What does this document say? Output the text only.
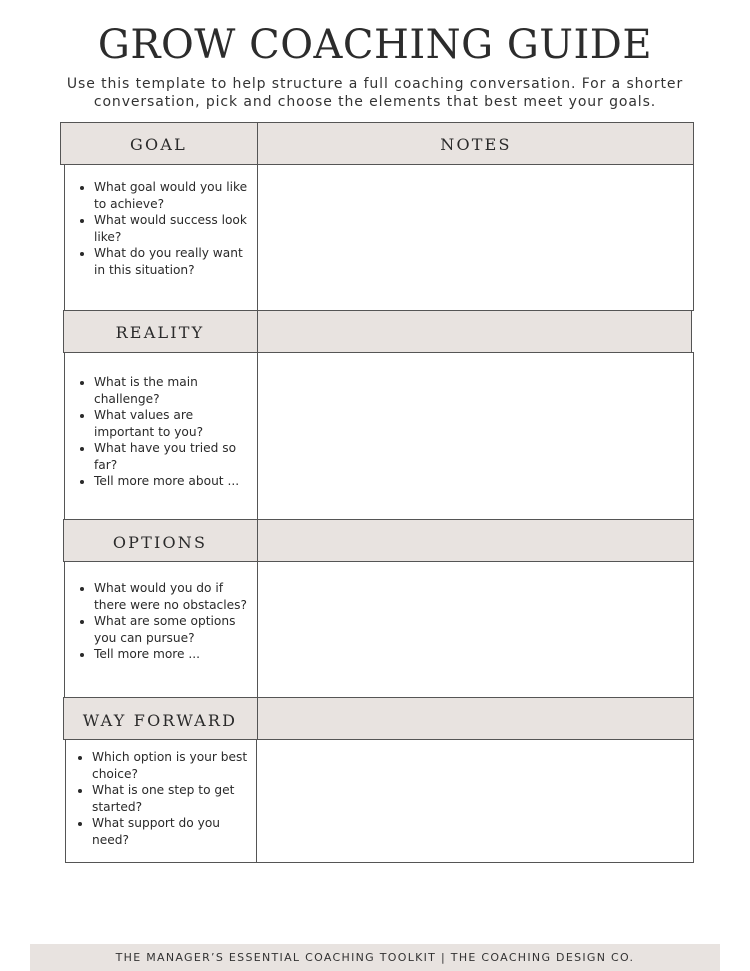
GROW COACHING GUIDE
Use this template to help structure a full coaching conversation. For a shorter conversation, pick and choose the elements that best meet your goals.
GOAL	NOTES
• What goal would you like to achieve?
• What would success look like?
• What do you really want in this situation?
REALITY
• What is the main challenge?
• What values are important to you?
• What have you tried so far?
• Tell more more about ...
OPTIONS
• What would you do if there were no obstacles?
• What are some options you can pursue?
• Tell more more ...
WAY FORWARD
• Which option is your best choice?
• What is one step to get started?
• What support do you need?
THE MANAGER’S ESSENTIAL COACHING TOOLKIT | THE COACHING DESIGN CO.
